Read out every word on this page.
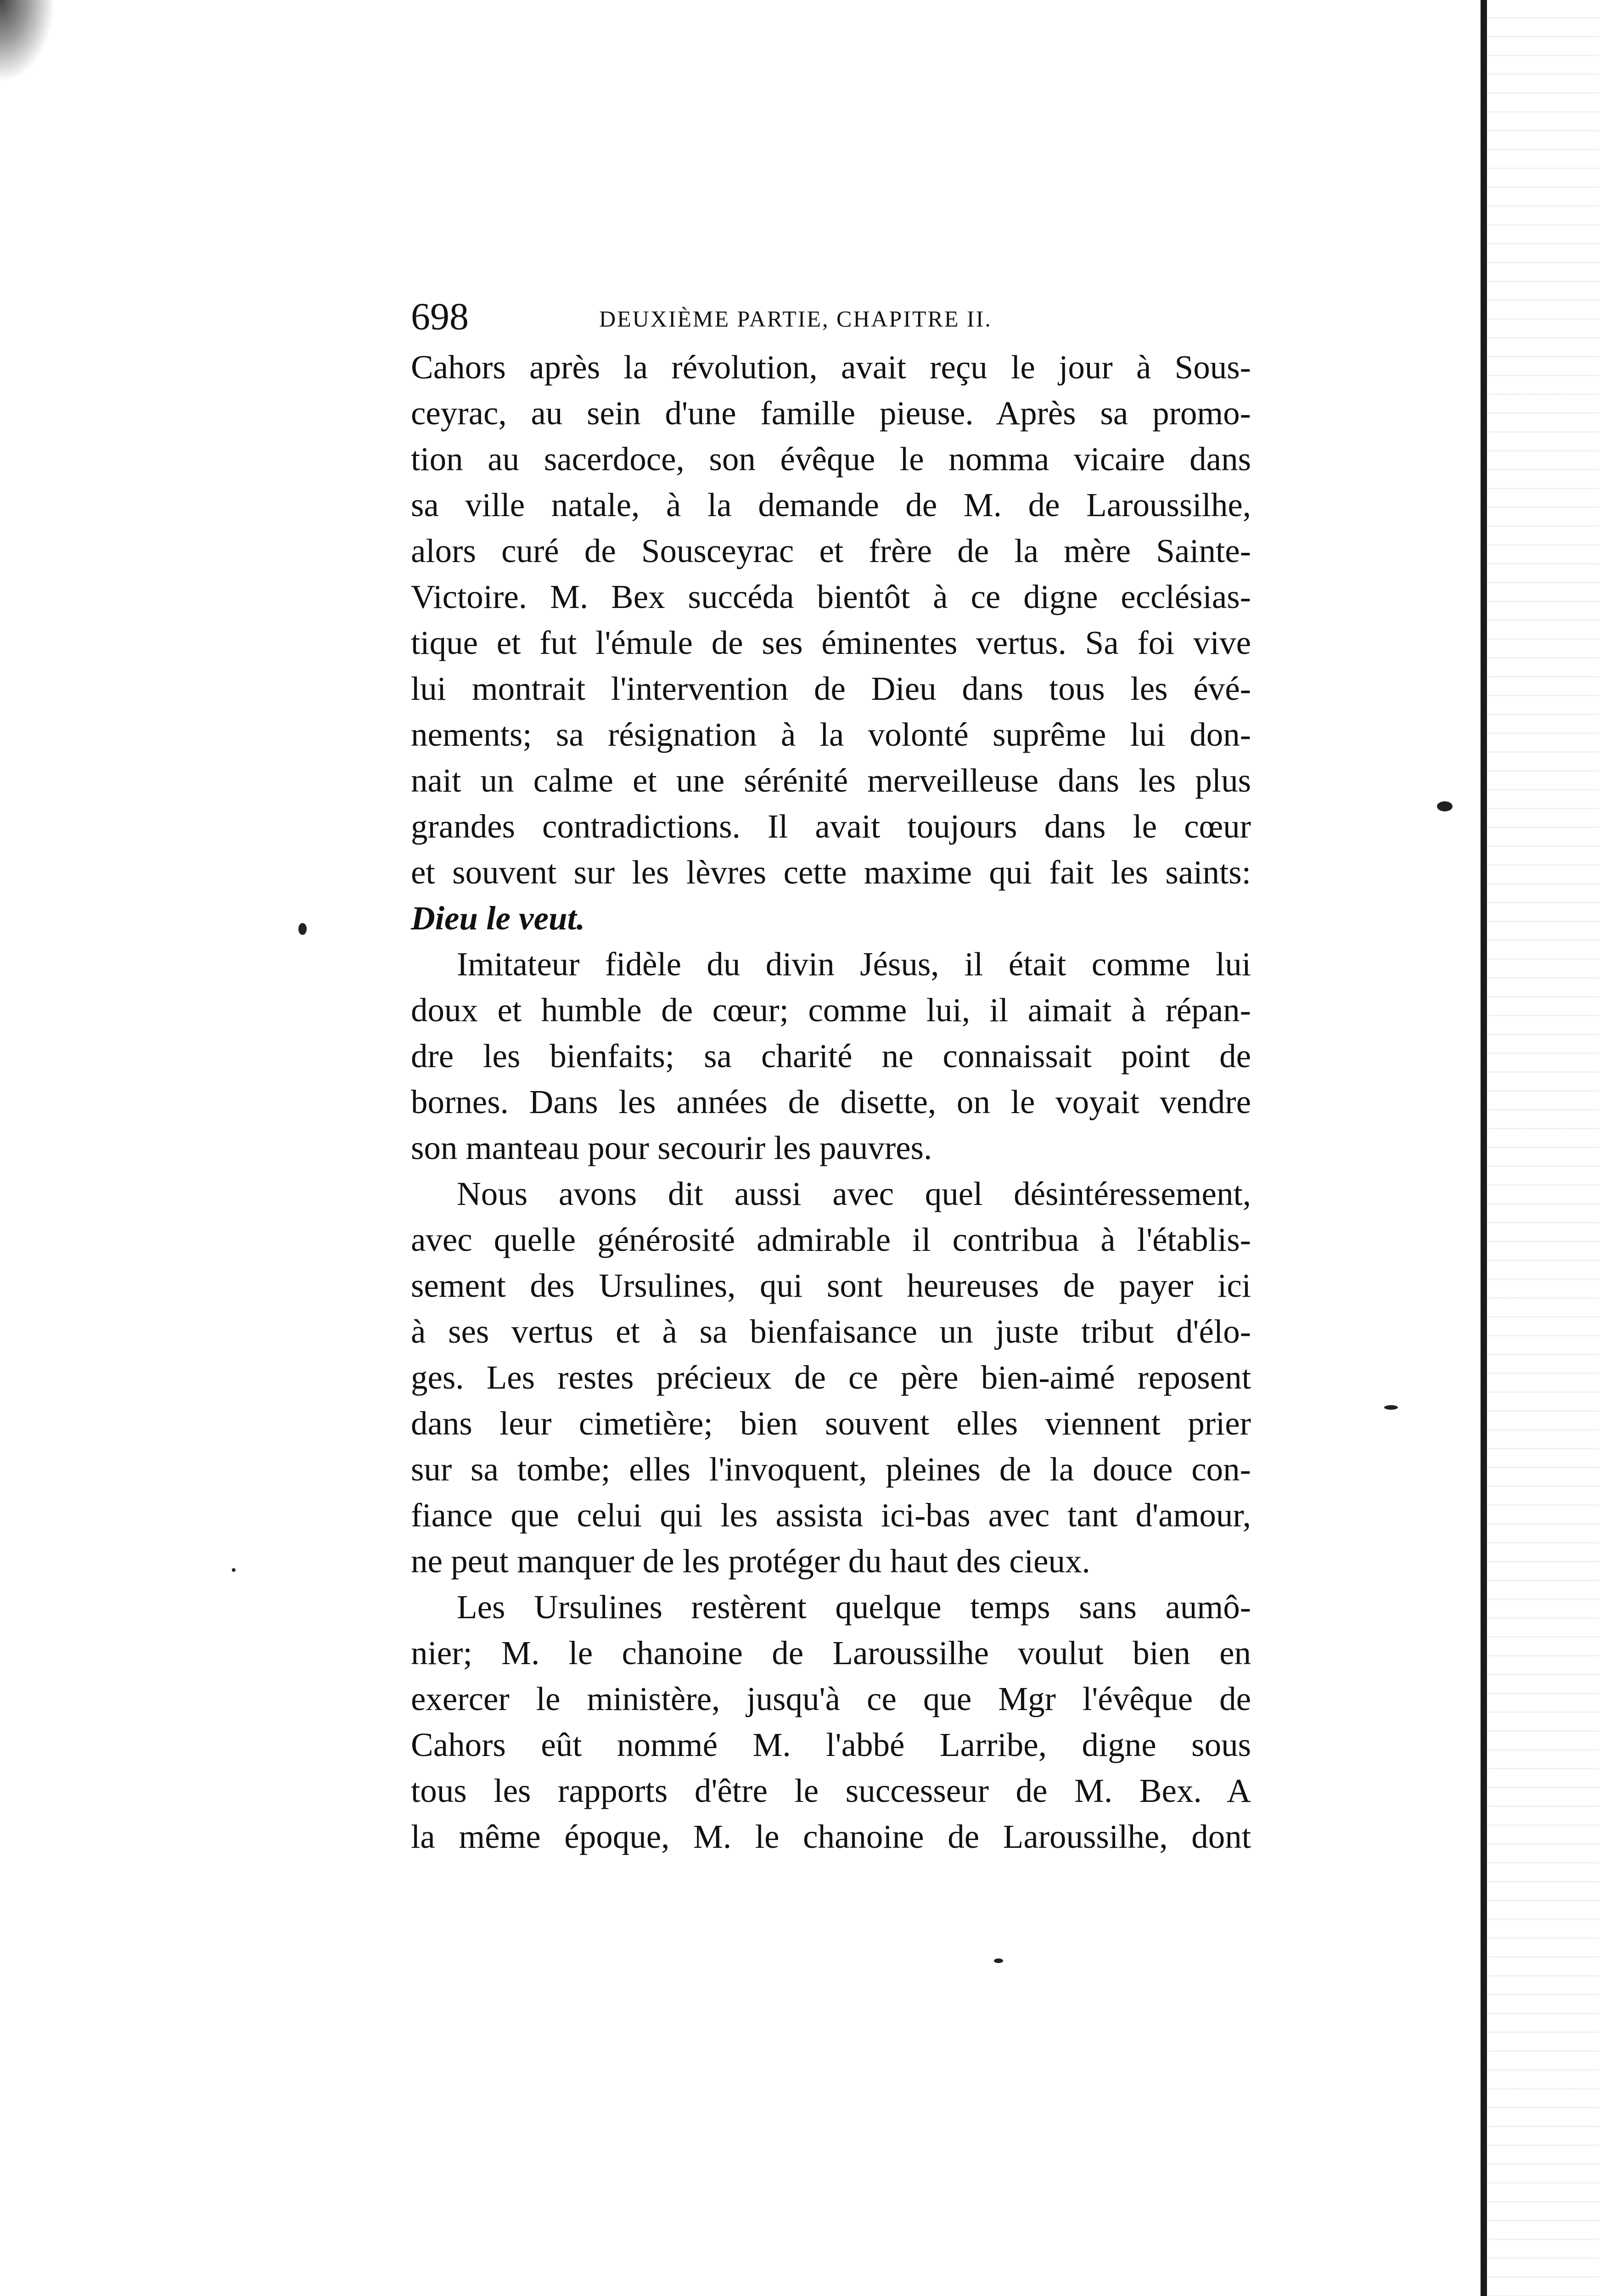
698	DEUXIÈME PARTIE, CHAPITRE II.
Cahors après la révolution, avait reçu le jour à Sous-
ceyrac, au sein d'une famille pieuse. Après sa promo-
tion au sacerdoce, son évêque le nomma vicaire dans
sa ville natale, à la demande de M. de Laroussilhe,
alors curé de Sousceyrac et frère de la mère Sainte-
Victoire. M. Bex succéda bientôt à ce digne ecclésias-
tique et fut l'émule de ses éminentes vertus. Sa foi vive
lui montrait l'intervention de Dieu dans tous les évé-
nements; sa résignation à la volonté suprême lui don-
nait un calme et une sérénité merveilleuse dans les plus
grandes contradictions. Il avait toujours dans le cœur
et souvent sur les lèvres cette maxime qui fait les saints:
Dieu le veut.
Imitateur fidèle du divin Jésus, il était comme lui
doux et humble de cœur; comme lui, il aimait à répan-
dre les bienfaits; sa charité ne connaissait point de
bornes. Dans les années de disette, on le voyait vendre
son manteau pour secourir les pauvres.
Nous avons dit aussi avec quel désintéressement,
avec quelle générosité admirable il contribua à l'établis-
sement des Ursulines, qui sont heureuses de payer ici
à ses vertus et à sa bienfaisance un juste tribut d'élo-
ges. Les restes précieux de ce père bien-aimé reposent
dans leur cimetière; bien souvent elles viennent prier
sur sa tombe; elles l'invoquent, pleines de la douce con-
fiance que celui qui les assista ici-bas avec tant d'amour,
ne peut manquer de les protéger du haut des cieux.
Les Ursulines restèrent quelque temps sans aumô-
nier; M. le chanoine de Laroussilhe voulut bien en
exercer le ministère, jusqu'à ce que Mgr l'évêque de
Cahors eût nommé M. l'abbé Larribe, digne sous
tous les rapports d'être le successeur de M. Bex. A
la même époque, M. le chanoine de Laroussilhe, dont
